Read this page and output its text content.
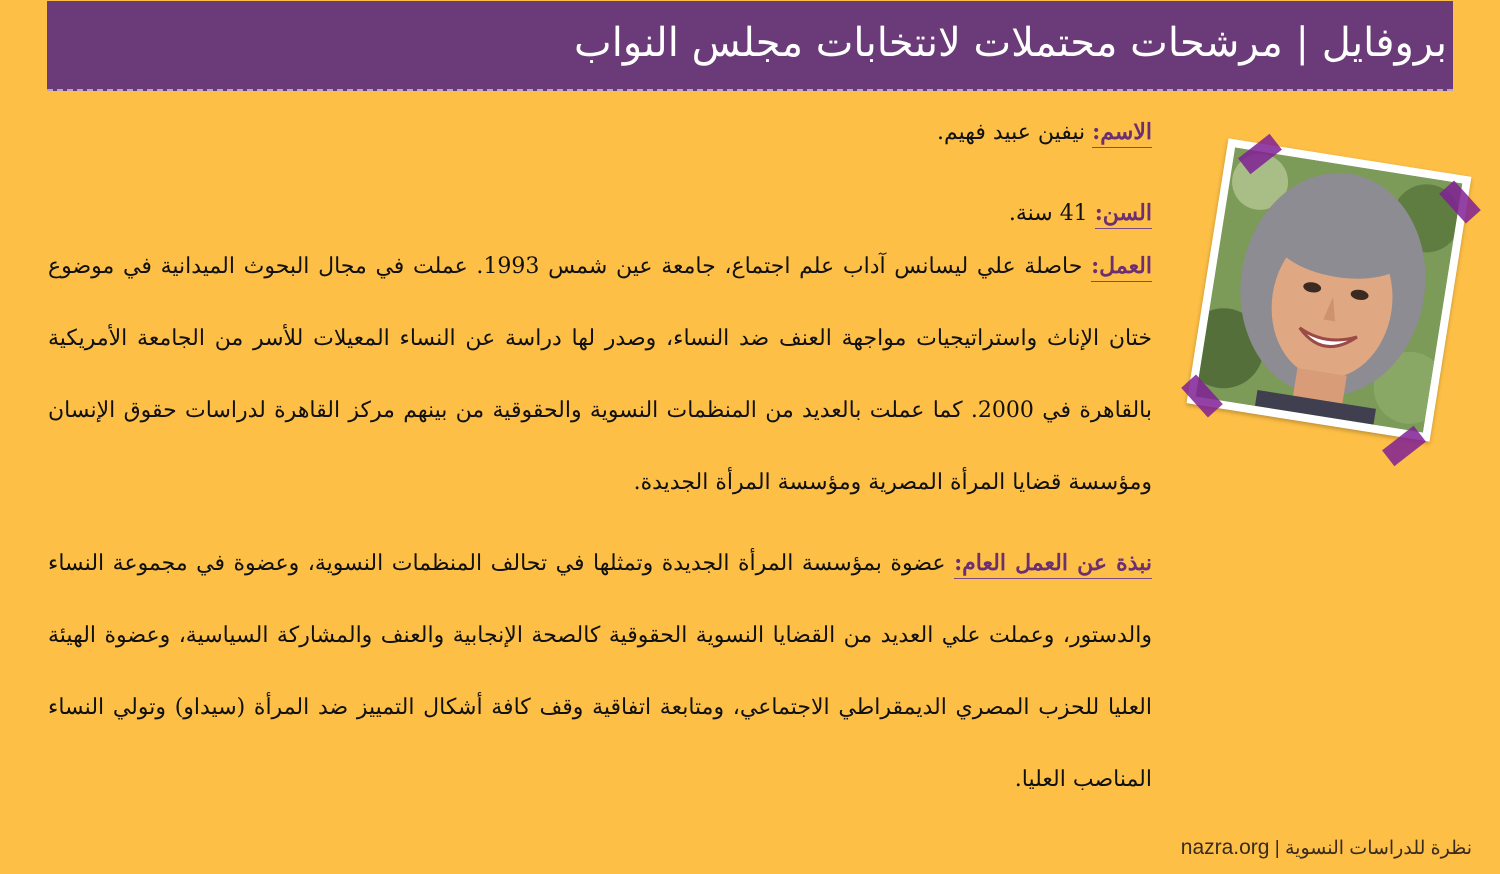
بروفايل | مرشحات محتملات لانتخابات مجلس النواب

الاسم: نيفين عبيد فهيم.

السن: 41 سنة.

العمل: حاصلة علي ليسانس آداب علم اجتماع، جامعة عين شمس 1993. عملت في مجال البحوث الميدانية في موضوع ختان الإناث واستراتيجيات مواجهة العنف ضد النساء، وصدر لها دراسة عن النساء المعيلات للأسر من الجامعة الأمريكية بالقاهرة في 2000. كما عملت بالعديد من المنظمات النسوية والحقوقية من بينهم مركز القاهرة لدراسات حقوق الإنسان ومؤسسة قضايا المرأة المصرية ومؤسسة المرأة الجديدة.

نبذة عن العمل العام: عضوة بمؤسسة المرأة الجديدة وتمثلها في تحالف المنظمات النسوية، وعضوة في مجموعة النساء والدستور، وعملت علي العديد من القضايا النسوية الحقوقية كالصحة الإنجابية والعنف والمشاركة السياسية، وعضوة الهيئة العليا للحزب المصري الديمقراطي الاجتماعي، ومتابعة اتفاقية وقف كافة أشكال التمييز ضد المرأة (سيداو) وتولي النساء المناصب العليا.

نظرة للدراسات النسوية | nazra.org
